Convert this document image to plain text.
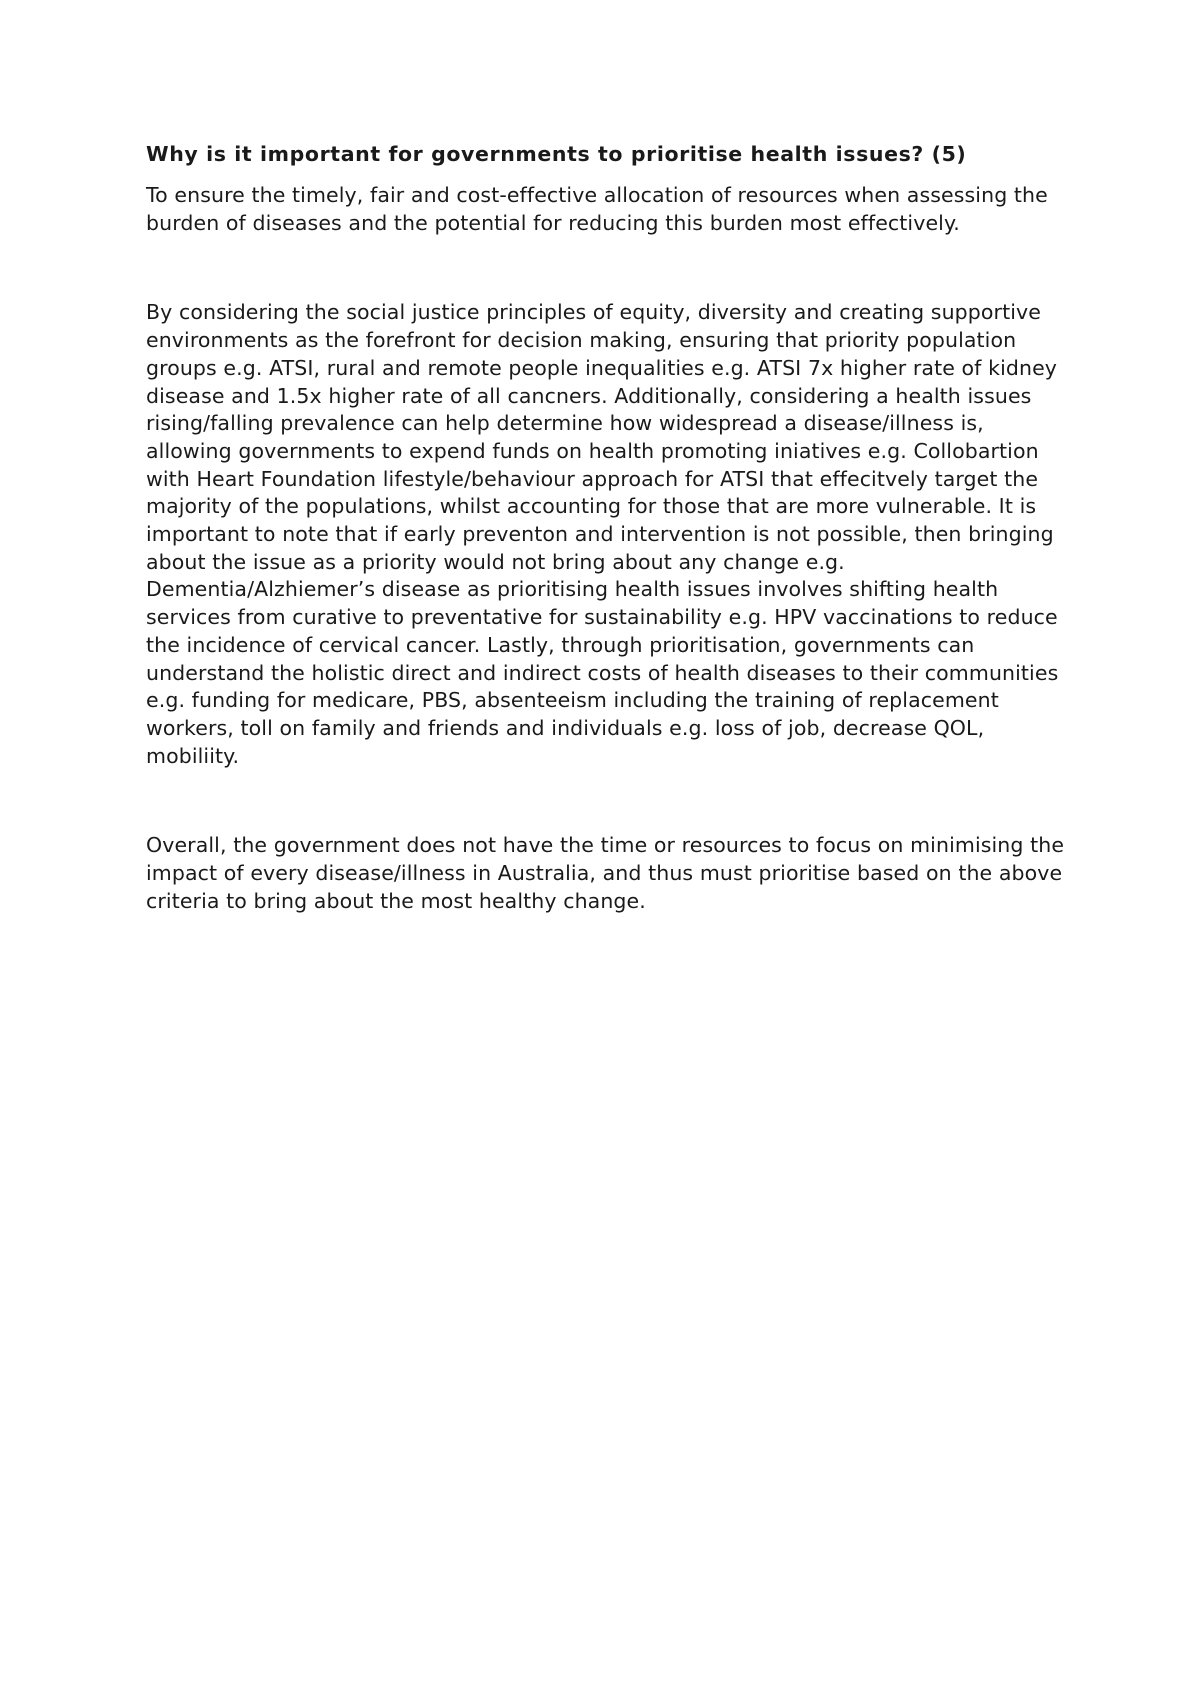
Why is it important for governments to prioritise health issues? (5)

To ensure the timely, fair and cost-effective allocation of resources when assessing the burden of diseases and the potential for reducing this burden most effectively.

By considering the social justice principles of equity, diversity and creating supportive environments as the forefront for decision making, ensuring that priority population groups e.g. ATSI, rural and remote people inequalities e.g. ATSI 7x higher rate of kidney disease and 1.5x higher rate of all cancners. Additionally, considering a health issues rising/falling prevalence can help determine how widespread a disease/illness is, allowing governments to expend funds on health promoting iniatives e.g. Collobartion with Heart Foundation lifestyle/behaviour approach for ATSI that effecitvely target the majority of the populations, whilst accounting for those that are more vulnerable. It is important to note that if early preventon and intervention is not possible, then bringing about the issue as a priority would not bring about any change e.g. Dementia/Alzhiemer’s disease as prioritising health issues involves shifting health services from curative to preventative for sustainability e.g. HPV vaccinations to reduce the incidence of cervical cancer. Lastly, through prioritisation, governments can understand the holistic direct and indirect costs of health diseases to their communities e.g. funding for medicare, PBS, absenteeism including the training of replacement workers, toll on family and friends and individuals e.g. loss of job, decrease QOL, mobiliity.

Overall, the government does not have the time or resources to focus on minimising the impact of every disease/illness in Australia, and thus must prioritise based on the above criteria to bring about the most healthy change.
